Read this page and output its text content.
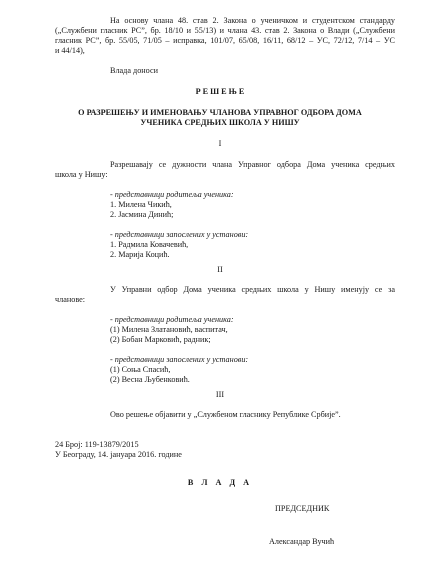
На основу члана 48. став 2. Закона о ученичком и студентском стандарду
(„Службени гласник РС”, бр. 18/10 и 55/13) и члана 43. став 2. Закона о Влади („Службени
гласник РС”, бр. 55/05, 71/05 – исправка, 101/07, 65/08, 16/11, 68/12 – УС, 72/12, 7/14 – УС
и 44/14),
Влада доноси
Р Е Ш Е Њ Е
О РАЗРЕШЕЊУ И ИМЕНОВАЊУ ЧЛАНОВА УПРАВНОГ ОДБОРА ДОМА
УЧЕНИКА СРЕДЊИХ ШКОЛА У НИШУ
I
Разрешавају се дужности члана Управног одбора Дома ученика средњих
школа у Нишу:
- представници родитеља ученика:
1. Милена Чикић,
2. Јасмина Динић;
- представници запослених у установи:
1. Радмила Ковачевић,
2. Марија Коцић.
II
У Управни одбор Дома ученика средњих школа у Нишу именују се за
чланове:
- представници родитеља ученика:
(1) Милена Златановић, васпитач,
(2) Бобан Марковић, радник;
- представници запослених у установи:
(1) Соња Спасић,
(2) Весна Љубенковић.
III
Ово решење објавити у „Службеном гласнику Републике Србије”.
24 Број: 119-13879/2015
У Београду, 14. јануара 2016. године
В Л А Д А
ПРЕДСЕДНИК
Александар Вучић
